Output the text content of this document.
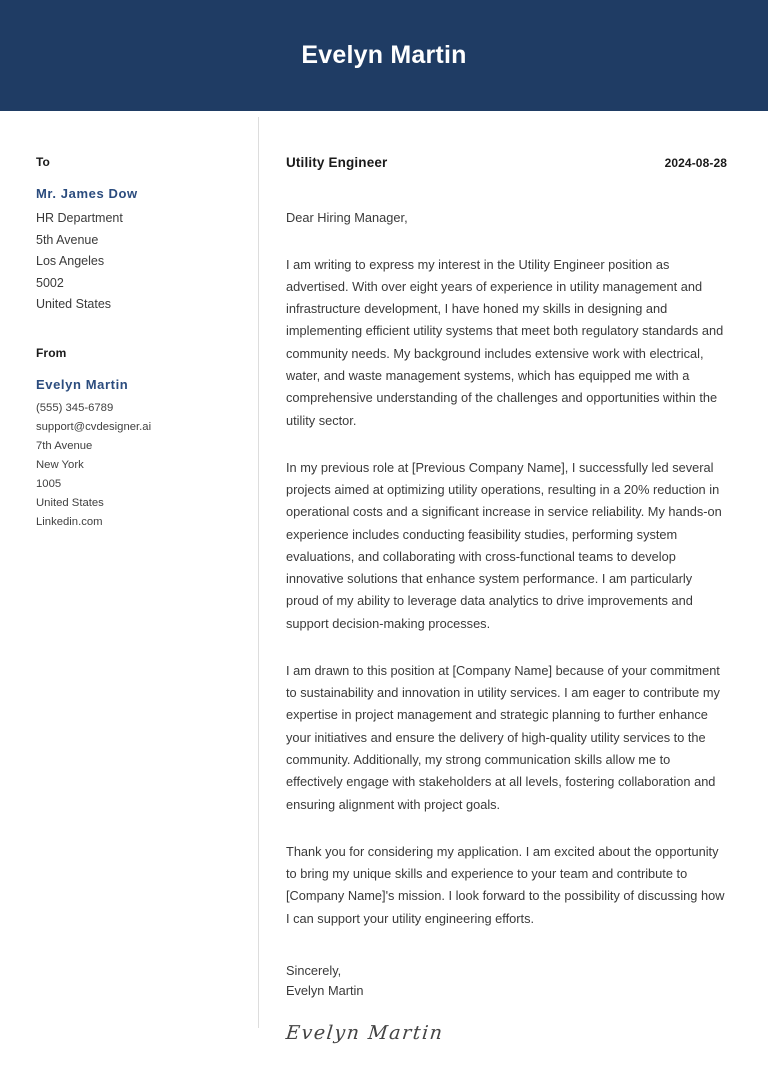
Evelyn Martin
To
Mr. James Dow
HR Department
5th Avenue
Los Angeles
5002
United States
From
Evelyn Martin
(555) 345-6789
support@cvdesigner.ai
7th Avenue
New York
1005
United States
Linkedin.com
Utility Engineer	2024-08-28

Dear Hiring Manager,

I am writing to express my interest in the Utility Engineer position as advertised. With over eight years of experience in utility management and infrastructure development, I have honed my skills in designing and implementing efficient utility systems that meet both regulatory standards and community needs. My background includes extensive work with electrical, water, and waste management systems, which has equipped me with a comprehensive understanding of the challenges and opportunities within the utility sector.

In my previous role at [Previous Company Name], I successfully led several projects aimed at optimizing utility operations, resulting in a 20% reduction in operational costs and a significant increase in service reliability. My hands-on experience includes conducting feasibility studies, performing system evaluations, and collaborating with cross-functional teams to develop innovative solutions that enhance system performance. I am particularly proud of my ability to leverage data analytics to drive improvements and support decision-making processes.

I am drawn to this position at [Company Name] because of your commitment to sustainability and innovation in utility services. I am eager to contribute my expertise in project management and strategic planning to further enhance your initiatives and ensure the delivery of high-quality utility services to the community. Additionally, my strong communication skills allow me to effectively engage with stakeholders at all levels, fostering collaboration and ensuring alignment with project goals.

Thank you for considering my application. I am excited about the opportunity to bring my unique skills and experience to your team and contribute to [Company Name]'s mission. I look forward to the possibility of discussing how I can support your utility engineering efforts.

Sincerely,

Evelyn Martin

Evelyn Martin
